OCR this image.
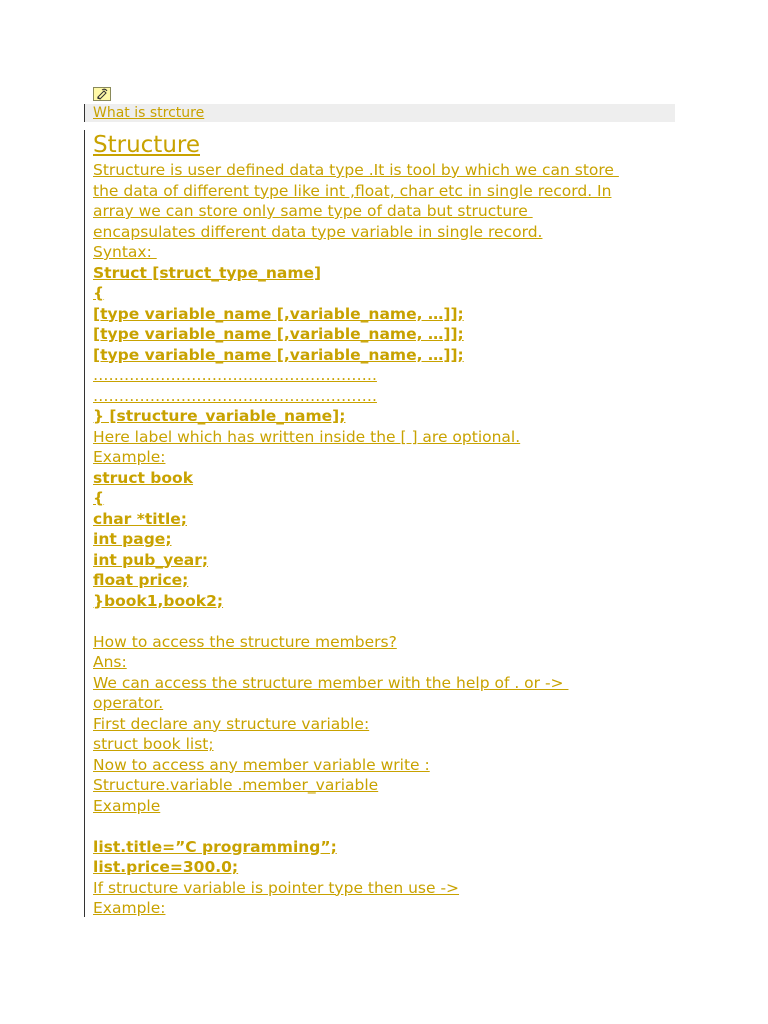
What is strcture
Structure
Structure is user defined data type .It is tool by which we can store
the data of different type like int ,float, char etc in single record. In
array we can store only same type of data but structure
encapsulates different data type variable in single record.
Syntax:
Struct [struct_type_name]
{
[type variable_name [,variable_name, …]];
[type variable_name [,variable_name, …]];
[type variable_name [,variable_name, …]];
……………………………………………….
……………………………………………….
} [structure_variable_name];
Here label which has written inside the [ ] are optional.
Example:
struct book
{
char *title;
int page;
int pub_year;
float price;
}book1,book2;
How to access the structure members?
Ans:
We can access the structure member with the help of . or ->
operator.
First declare any structure variable:
struct book list;
Now to access any member variable write :
Structure.variable .member_variable
Example
list.title=”C programming”;
list.price=300.0;
If structure variable is pointer type then use ->
Example:
